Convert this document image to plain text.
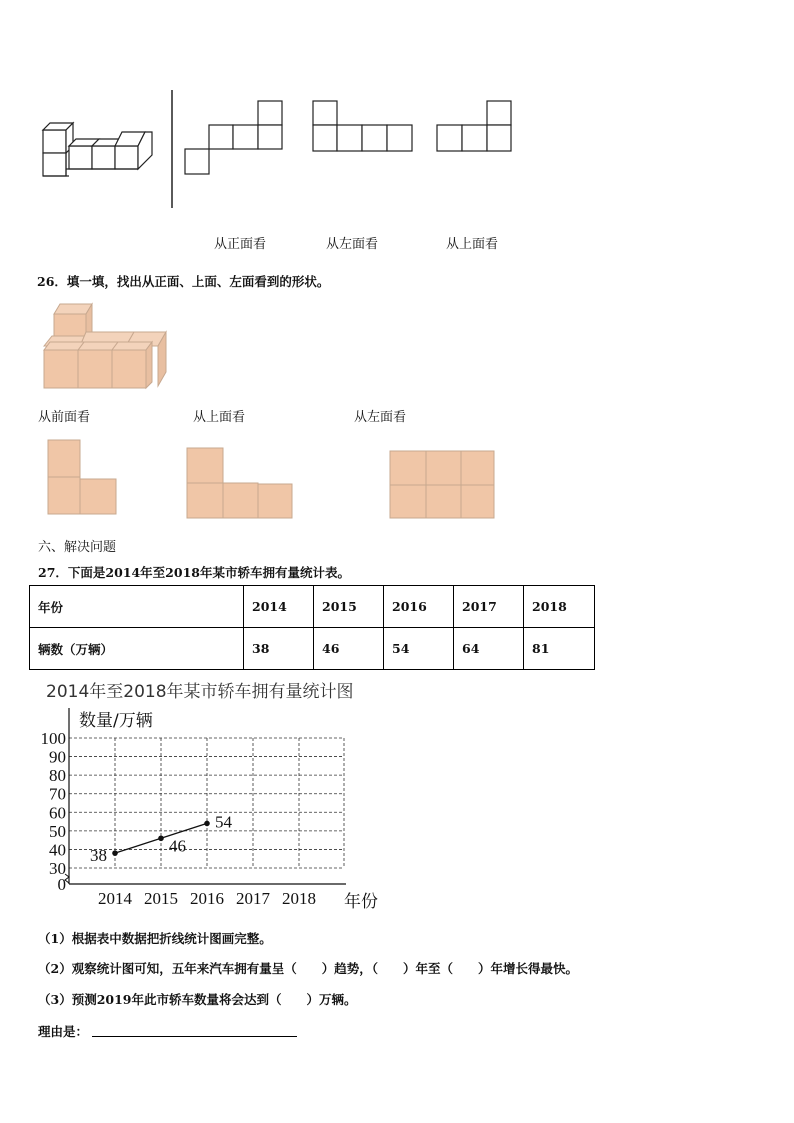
从正面看	从左面看	从上面看
26．填一填，找出从正面、上面、左面看到的形状。
从前面看	从上面看	从左面看
六、解决问题
27．下面是2014年至2018年某市轿车拥有量统计表。
年份	2014	2015	2016	2017	2018
辆数（万辆）	38	46	54	64	81
2014年至2018年某市轿车拥有量统计图
0
30
40
50
60
70
80
90
100
2014 2015 2016 2017 2018
数量/万辆
年份
38
46
54
（1）根据表中数据把折线统计图画完整。
（2）观察统计图可知，五年来汽车拥有量呈（　　）趋势，（　　）年至（　　）年增长得最快。
（3）预测2019年此市轿车数量将会达到（　　）万辆。
理由是：
